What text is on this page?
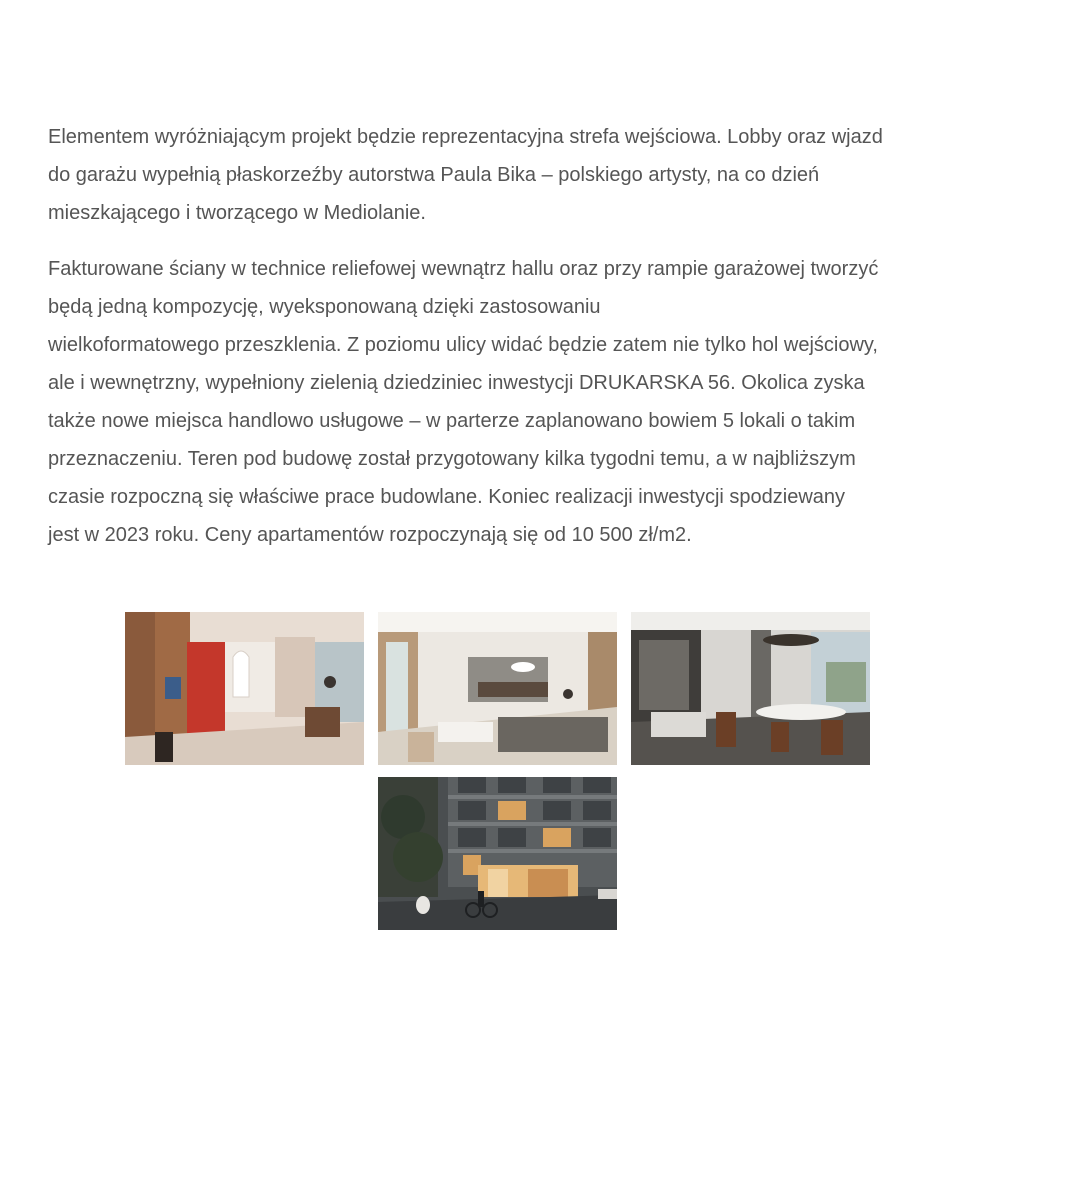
Elementem wyróżniającym projekt będzie reprezentacyjna strefa wejściowa. Lobby oraz wjazd
do garażu wypełnią płaskorzeźby autorstwa Paula Bika – polskiego artysty, na co dzień
mieszkającego i tworzącego w Mediolanie.

Fakturowane ściany w technice reliefowej wewnątrz hallu oraz przy rampie garażowej tworzyć
będą jedną kompozycję, wyeksponowaną dzięki zastosowaniu
wielkoformatowego przeszklenia. Z poziomu ulicy widać będzie zatem nie tylko hol wejściowy,
ale i wewnętrzny, wypełniony zielenią dziedziniec inwestycji DRUKARSKA 56. Okolica zyska
także nowe miejsca handlowo usługowe – w parterze zaplanowano bowiem 5 lokali o takim
przeznaczeniu. Teren pod budowę został przygotowany kilka tygodni temu, a w najbliższym
czasie rozpoczną się właściwe prace budowlane. Koniec realizacji inwestycji spodziewany
jest w 2023 roku. Ceny apartamentów rozpoczynają się od 10 500 zł/m2.
